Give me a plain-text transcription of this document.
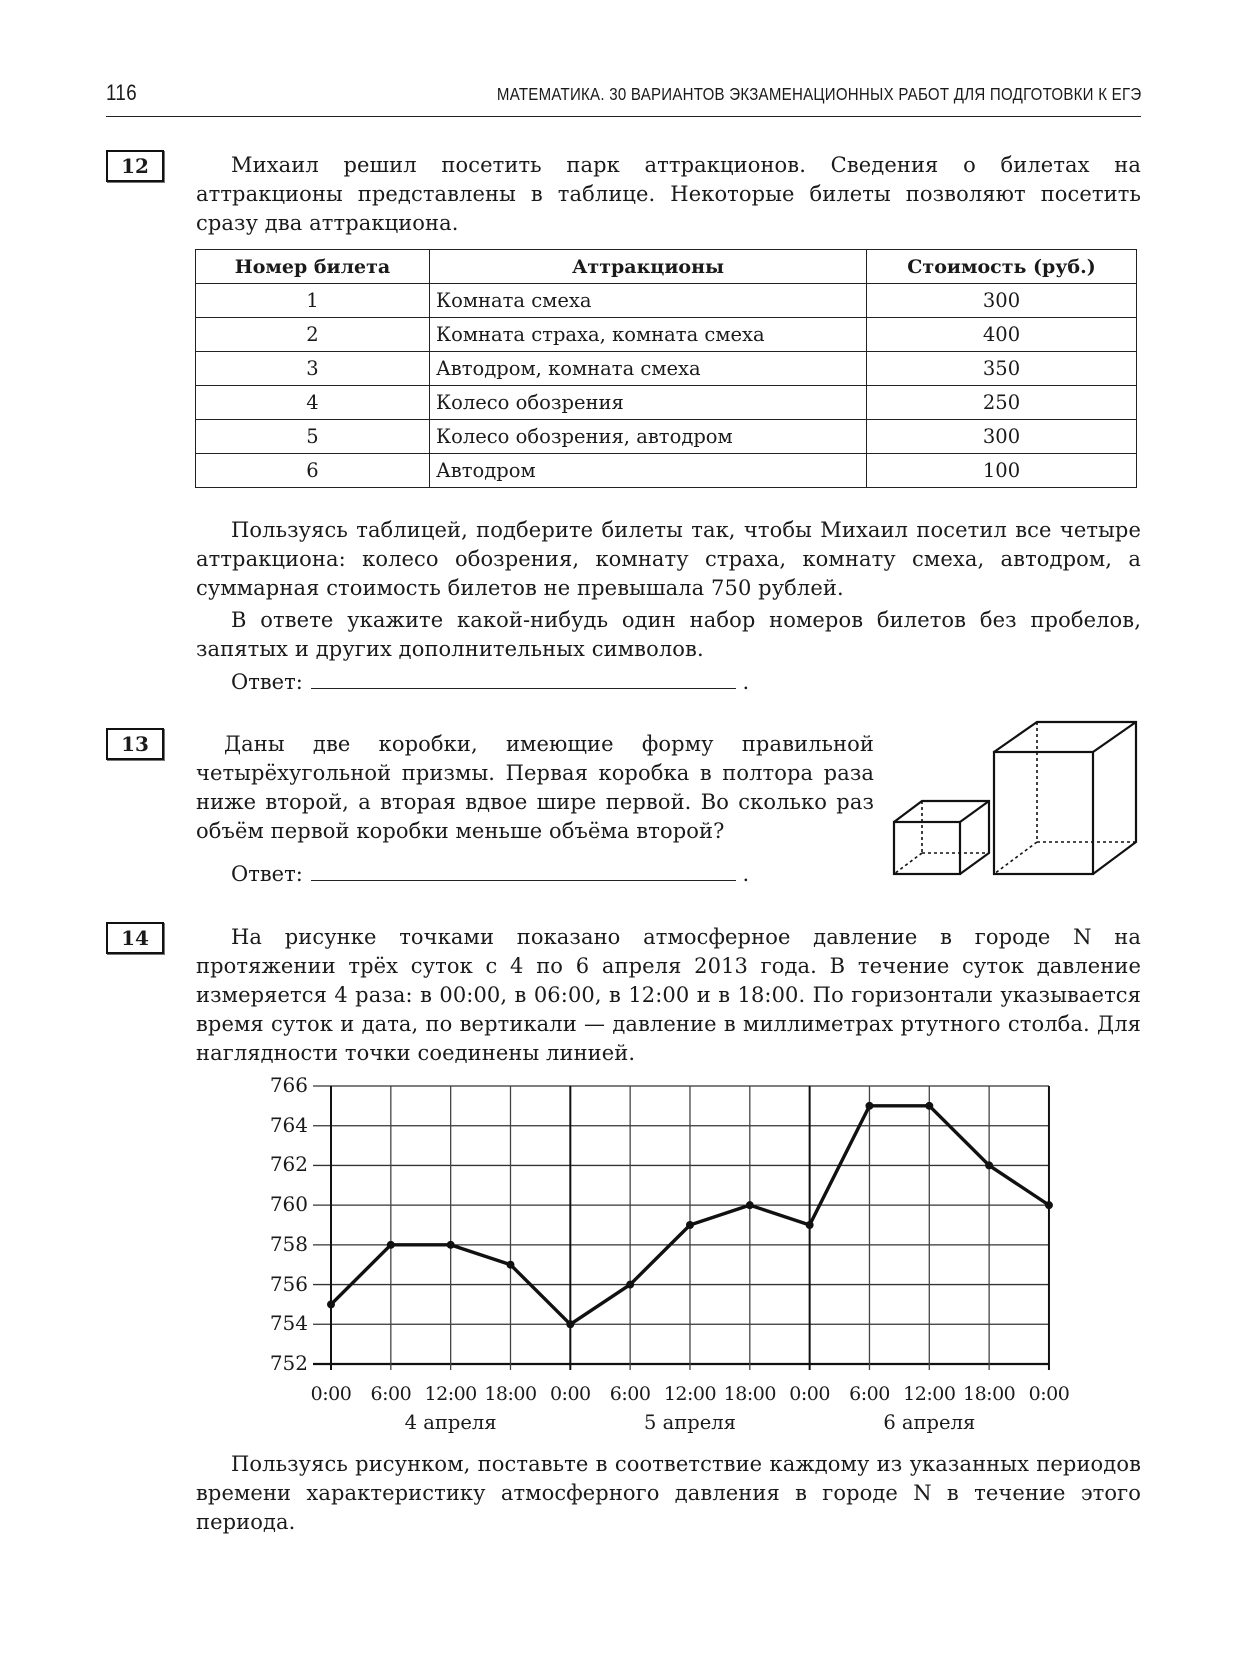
116	МАТЕМАТИКА. 30 ВАРИАНТОВ ЭКЗАМЕНАЦИОННЫХ РАБОТ ДЛЯ ПОДГОТОВКИ К ЕГЭ
12	Михаил решил посетить парк аттракционов. Сведения о билетах на аттракционы представлены в таблице. Некоторые билеты позволяют посетить сразу два аттракциона.
Номер билета	Аттракционы	Стоимость (руб.)
1	Комната смеха	300
2	Комната страха, комната смеха	400
3	Автодром, комната смеха	350
4	Колесо обозрения	250
5	Колесо обозрения, автодром	300
6	Автодром	100
Пользуясь таблицей, подберите билеты так, чтобы Михаил посетил все четыре аттракциона: колесо обозрения, комнату страха, комнату смеха, автодром, а суммарная стоимость билетов не превышала 750 рублей.
В ответе укажите какой-нибудь один набор номеров билетов без пробелов, запятых и других дополнительных символов.
Ответ:	.
13	Даны две коробки, имеющие форму правильной четырёхугольной призмы. Первая коробка в полтора раза ниже второй, а вторая вдвое шире первой. Во сколько раз объём первой коробки меньше объёма второй?
Ответ:	.
14	На рисунке точками показано атмосферное давление в городе N на протяжении трёх суток с 4 по 6 апреля 2013 года. В течение суток давление измеряется 4 раза: в 00:00, в 06:00, в 12:00 и в 18:00. По горизонтали указывается время суток и дата, по вертикали — давление в миллиметрах ртутного столба. Для наглядности точки соединены линией.
766
764
762
760
758
756
754
752
0:00	6:00 12:00 18:00 0:00	6:00 12:00 18:00 0:00	6:00 12:00 18:00 0:00
4 апреля	5 апреля	6 апреля
Пользуясь рисунком, поставьте в соответствие каждому из указанных периодов времени характеристику атмосферного давления в городе N в течение этого периода.
